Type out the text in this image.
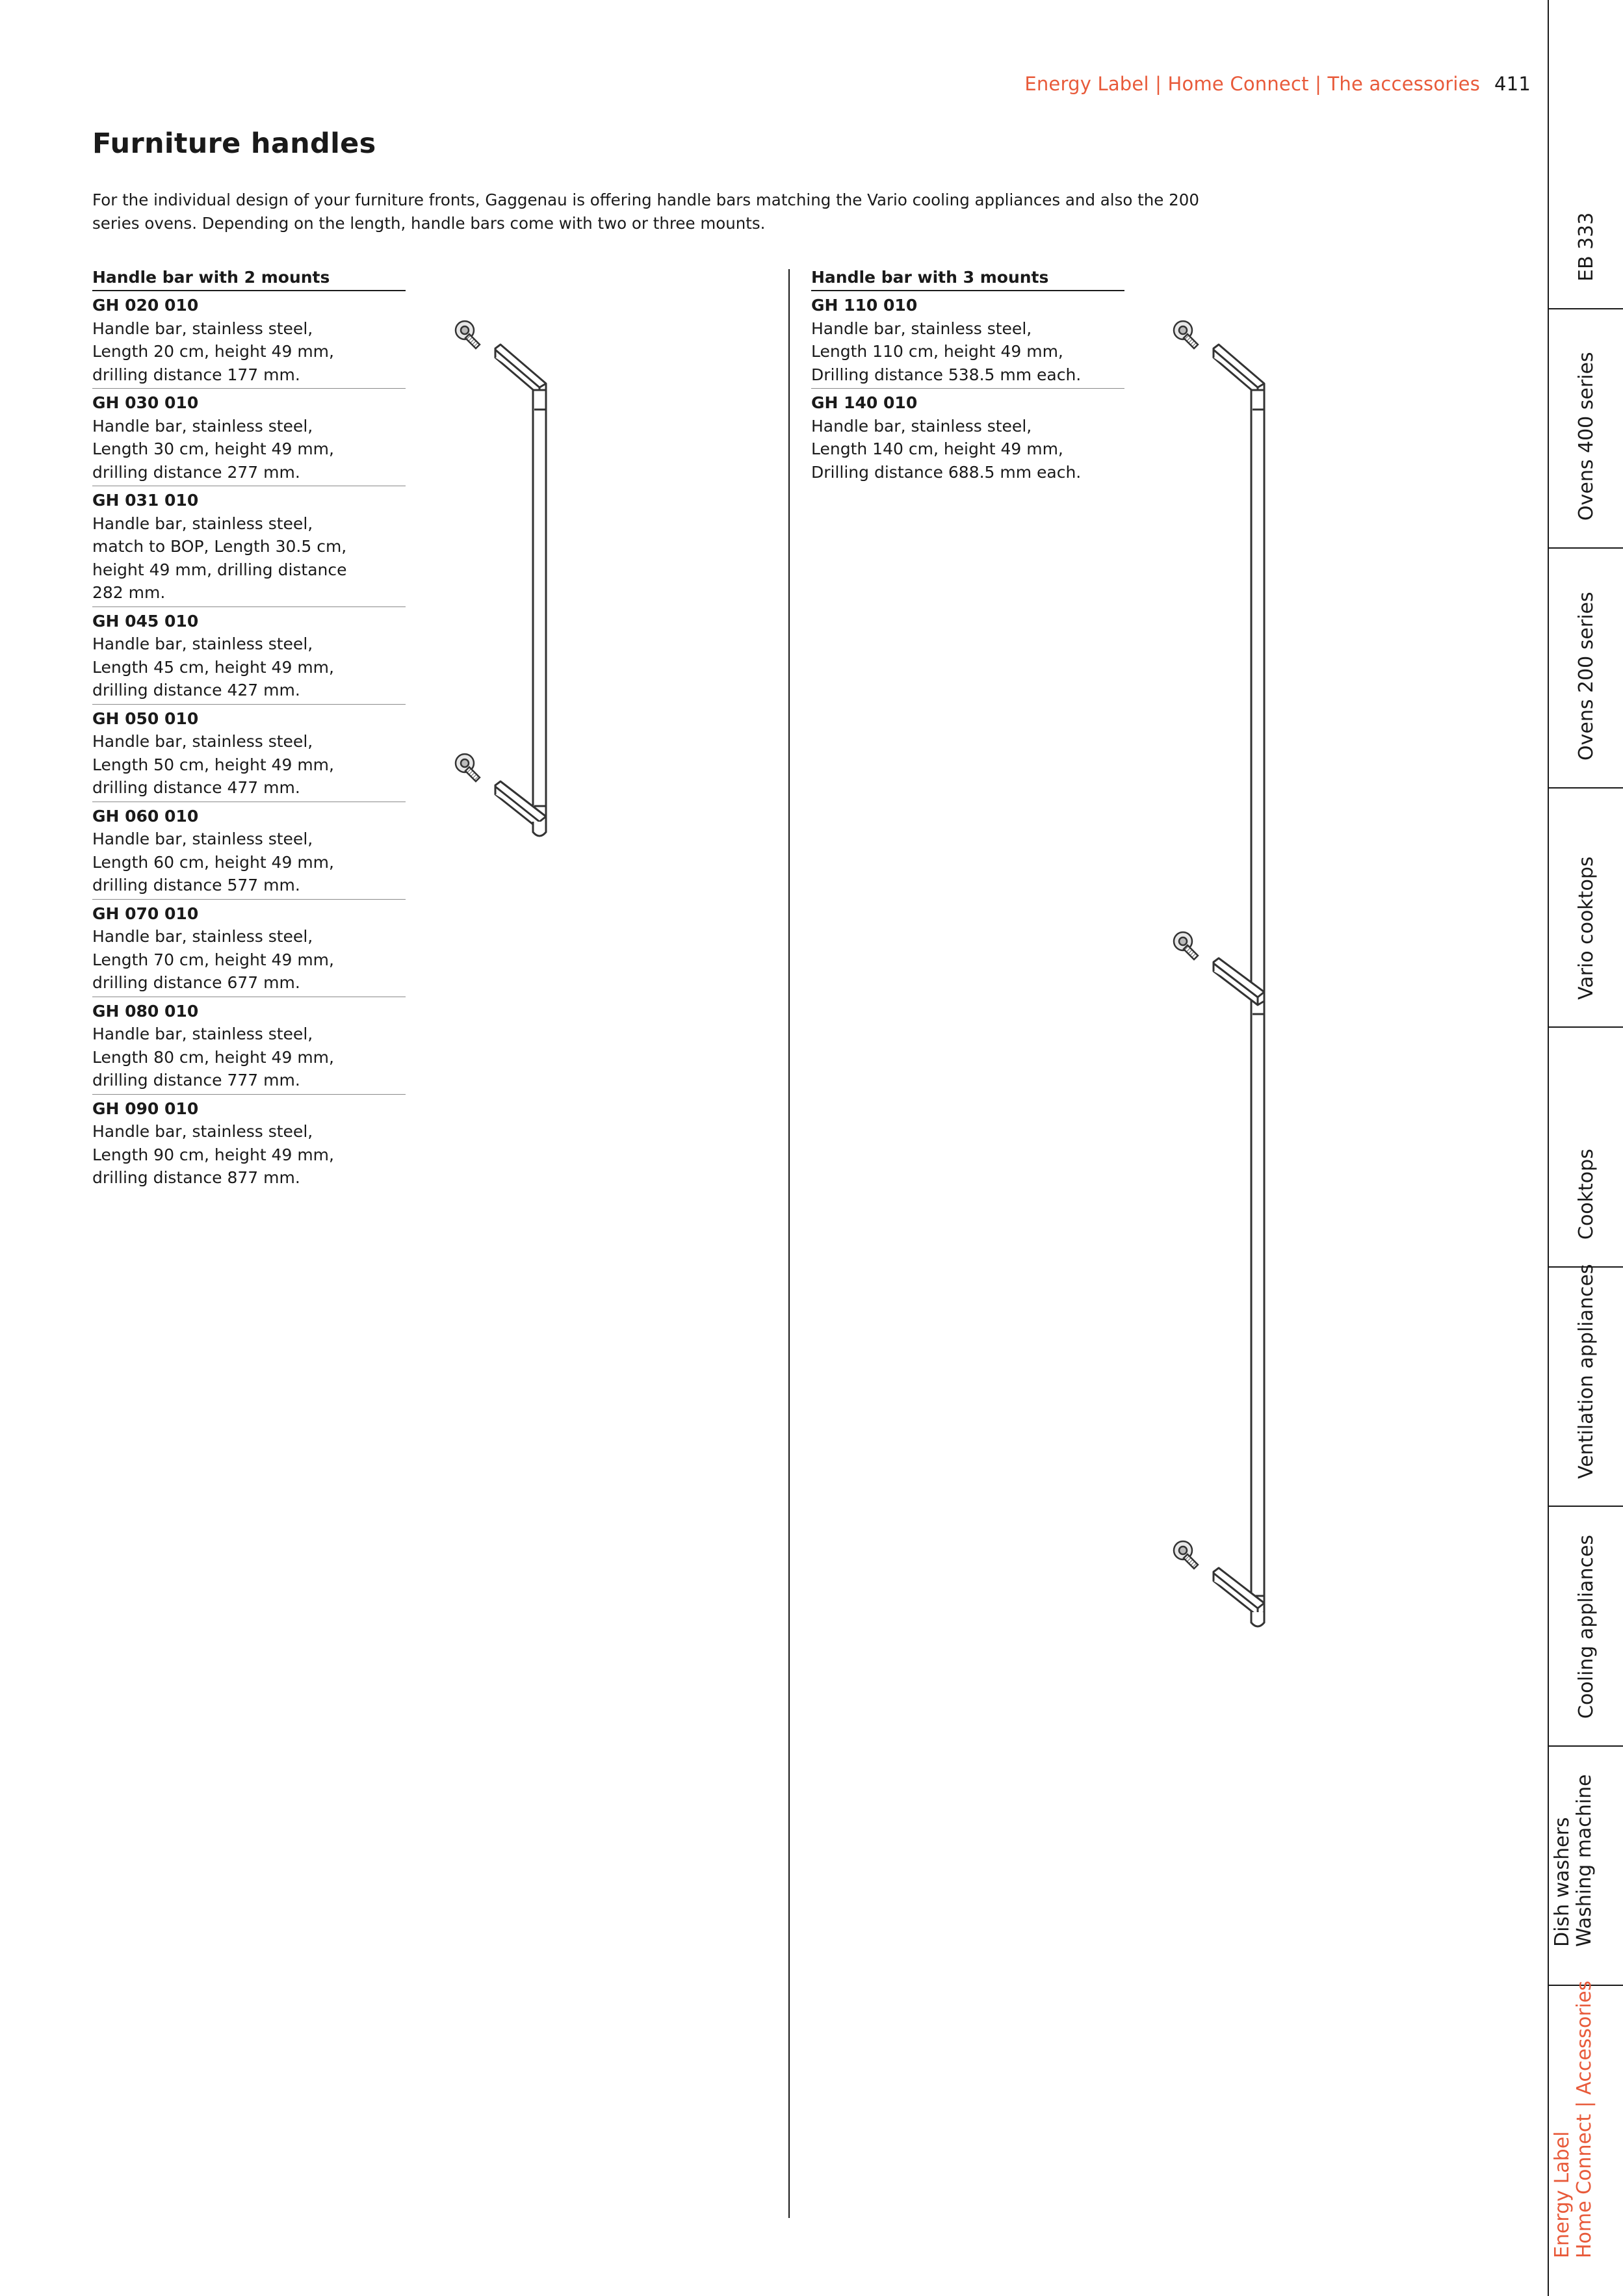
Energy Label | Home Connect | The accessories 411
Furniture handles

For the individual design of your furniture fronts, Gaggenau is offering handle bars matching the Vario cooling appliances and also the 200 series ovens. Depending on the length, handle bars come with two or three mounts.

Handle bar with 2 mounts
GH 020 010
Handle bar, stainless steel,
Length 20 cm, height 49 mm,
drilling distance 177 mm.
GH 030 010
Handle bar, stainless steel,
Length 30 cm, height 49 mm,
drilling distance 277 mm.
GH 031 010
Handle bar, stainless steel,
match to BOP, Length 30.5 cm,
height 49 mm, drilling distance
282 mm.
GH 045 010
Handle bar, stainless steel,
Length 45 cm, height 49 mm,
drilling distance 427 mm.
GH 050 010
Handle bar, stainless steel,
Length 50 cm, height 49 mm,
drilling distance 477 mm.
GH 060 010
Handle bar, stainless steel,
Length 60 cm, height 49 mm,
drilling distance 577 mm.
GH 070 010
Handle bar, stainless steel,
Length 70 cm, height 49 mm,
drilling distance 677 mm.
GH 080 010
Handle bar, stainless steel,
Length 80 cm, height 49 mm,
drilling distance 777 mm.
GH 090 010
Handle bar, stainless steel,
Length 90 cm, height 49 mm,
drilling distance 877 mm.
Handle bar with 3 mounts
GH 110 010
Handle bar, stainless steel,
Length 110 cm, height 49 mm,
Drilling distance 538.5 mm each.
GH 140 010
Handle bar, stainless steel,
Length 140 cm, height 49 mm,
Drilling distance 688.5 mm each.
EB 333
Ovens 400 series
Ovens 200 series
Vario cooktops
Cooktops
Ventilation appliances
Cooling appliances
Dish washers Washing machine
Energy Label Home Connect | Accessories
